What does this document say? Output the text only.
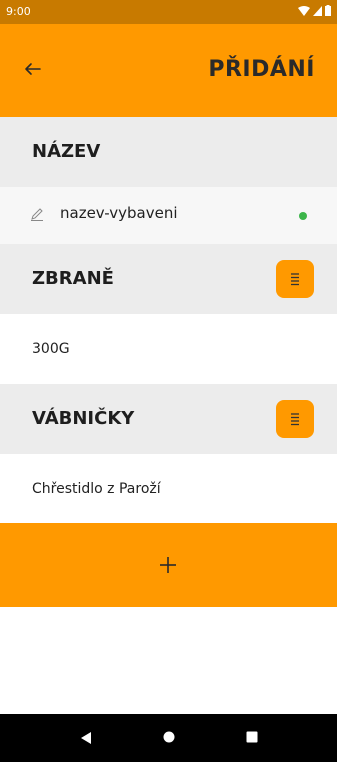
9:00
PŘIDÁNÍ
NÁZEV
nazev-vybaveni
ZBRANĚ
300G
VÁBNIČKY
Chřestidlo z Paroží
